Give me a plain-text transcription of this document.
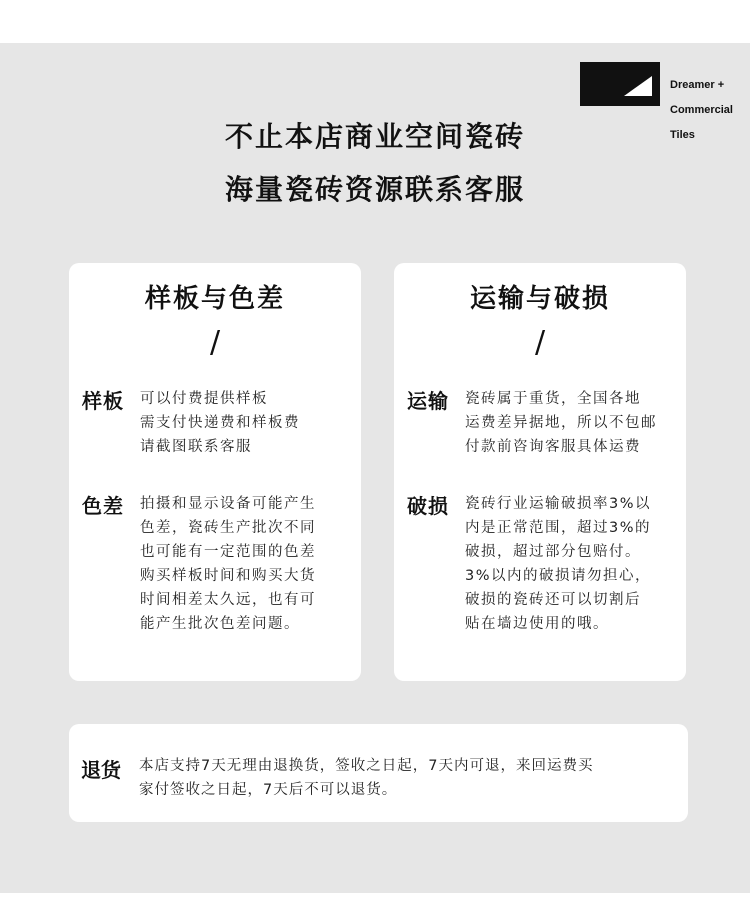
Dreamer +

Commercial

Tiles

不止本店商业空间瓷砖
海量瓷砖资源联系客服
样板与色差
/
样板 可以付费提供样板
需支付快递费和样板费
请截图联系客服
色差 拍摄和显示设备可能产生
色差，瓷砖生产批次不同
也可能有一定范围的色差
购买样板时间和购买大货
时间相差太久远，也有可
能产生批次色差问题。
运输与破损
/
运输 瓷砖属于重货，全国各地
运费差异据地，所以不包邮
付款前咨询客服具体运费
破损 瓷砖行业运输破损率3%以
内是正常范围，超过3%的
破损，超过部分包赔付。
3%以内的破损请勿担心，
破损的瓷砖还可以切割后
贴在墙边使用的哦。
退货 本店支持7天无理由退换货，签收之日起，7天内可退，来回运费买
家付签收之日起，7天后不可以退货。
